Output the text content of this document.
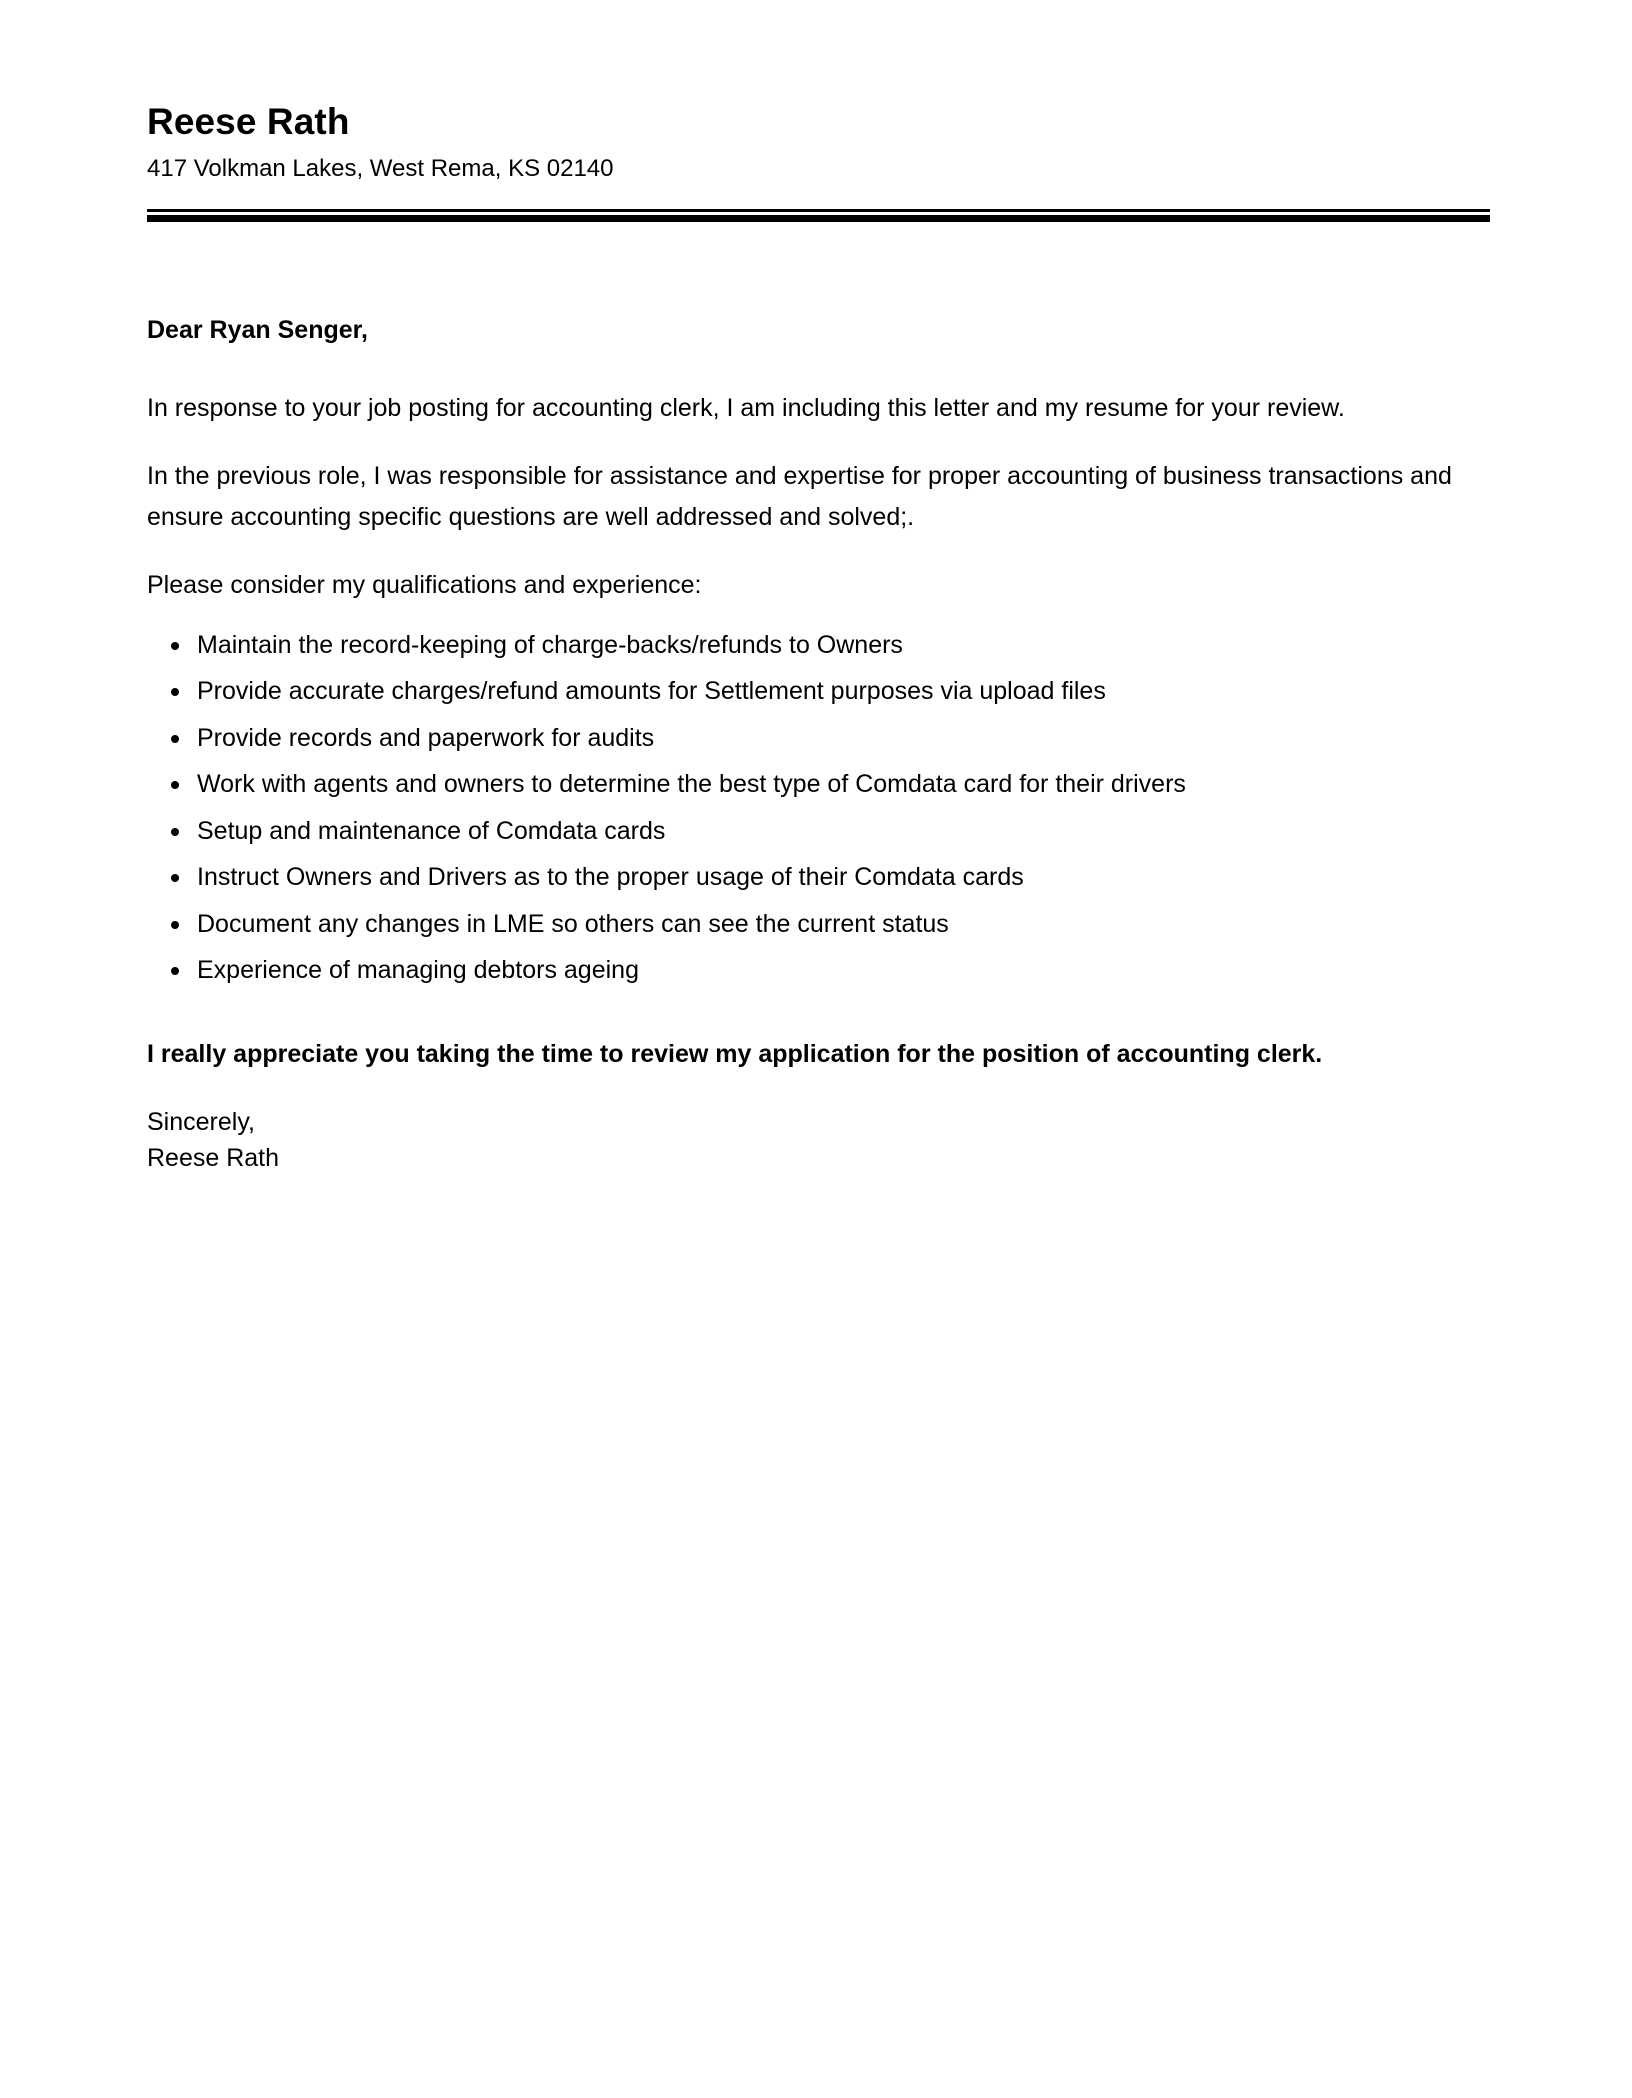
Reese Rath

417 Volkman Lakes, West Rema, KS 02140

Dear Ryan Senger,

In response to your job posting for accounting clerk, I am including this letter and my resume for your review.

In the previous role, I was responsible for assistance and expertise for proper accounting of business transactions and ensure accounting specific questions are well addressed and solved;.

Please consider my qualifications and experience:

Maintain the record-keeping of charge-backs/refunds to Owners
Provide accurate charges/refund amounts for Settlement purposes via upload files
Provide records and paperwork for audits
Work with agents and owners to determine the best type of Comdata card for their drivers
Setup and maintenance of Comdata cards
Instruct Owners and Drivers as to the proper usage of their Comdata cards
Document any changes in LME so others can see the current status
Experience of managing debtors ageing

I really appreciate you taking the time to review my application for the position of accounting clerk.

Sincerely,

Reese Rath
